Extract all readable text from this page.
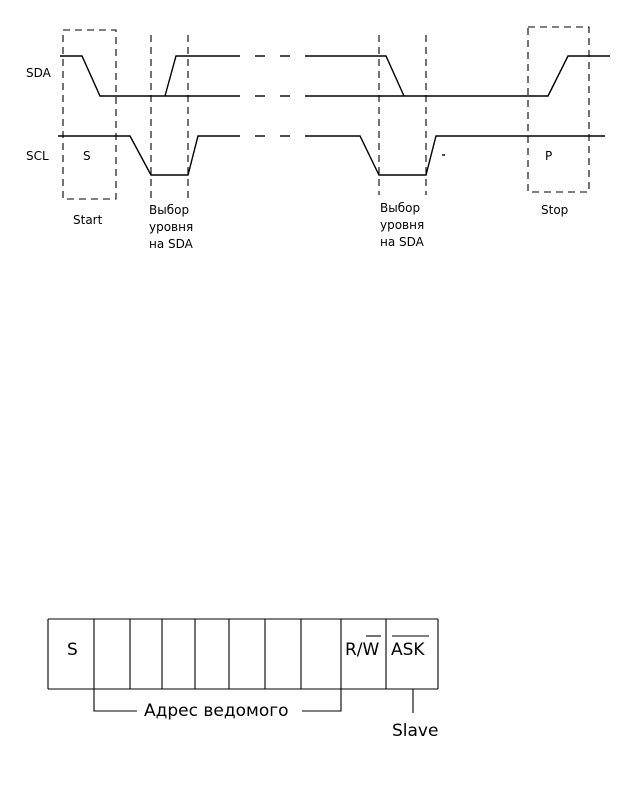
SDA
SCL	S
Start
P
Stop
Выбор
уровня
на SDA
Выбор
уровня
на SDA
S	R/W ASK
Адрес ведомого
Slave
